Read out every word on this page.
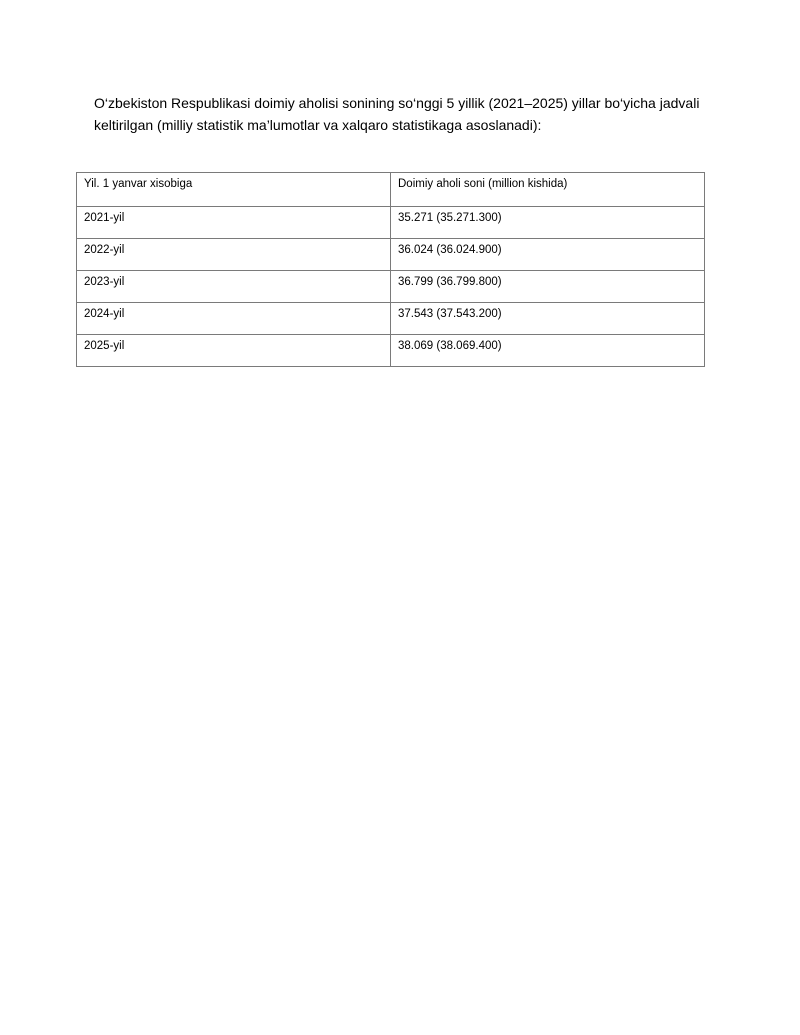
O‘zbekiston Respublikasi doimiy aholisi sonining so‘nggi 5 yillik (2021–2025) yillar bo‘yicha jadvali keltirilgan (milliy statistik ma’lumotlar va xalqaro statistikaga asoslanadi):

Yil. 1 yanvar xisobiga	Doimiy aholi soni (million kishida)
2021-yil	35.271 (35.271.300)
2022-yil	36.024 (36.024.900)
2023-yil	36.799 (36.799.800)
2024-yil	37.543 (37.543.200)
2025-yil	38.069 (38.069.400)
